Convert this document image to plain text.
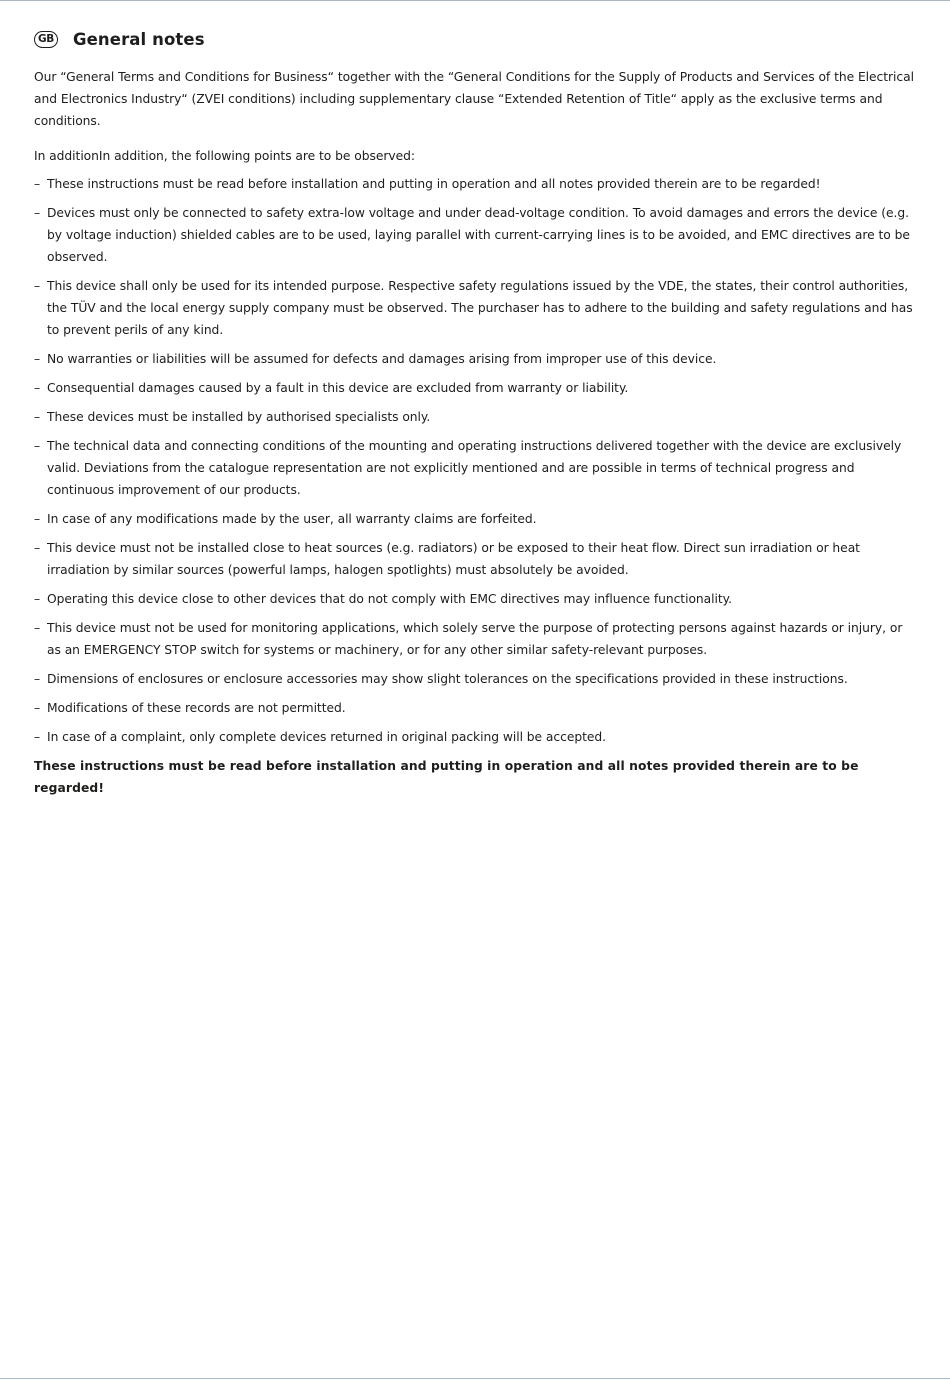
GB General notes

Our “General Terms and Conditions for Business“ together with the “General Conditions for the Supply of Products and Services of the Electrical and Electronics Industry“ (ZVEI conditions) including supplementary clause “Extended Retention of Title“ apply as the exclusive terms and conditions.

In additionIn addition, the following points are to be observed:

– These instructions must be read before installation and putting in operation and all notes provided therein are to be regarded!
– Devices must only be connected to safety extra-low voltage and under dead-voltage condition. To avoid damages and errors the device (e.g. by voltage induction) shielded cables are to be used, laying parallel with current-carrying lines is to be avoided, and EMC directives are to be observed.
– This device shall only be used for its intended purpose. Respective safety regulations issued by the VDE, the states, their control authorities, the TÜV and the local energy supply company must be observed. The purchaser has to adhere to the building and safety regulations and has to prevent perils of any kind.
– No warranties or liabilities will be assumed for defects and damages arising from improper use of this device.
– Consequential damages caused by a fault in this device are excluded from warranty or liability.
– These devices must be installed by authorised specialists only.
– The technical data and connecting conditions of the mounting and operating instructions delivered together with the device are exclusively valid. Deviations from the catalogue representation are not explicitly mentioned and are possible in terms of technical progress and continuous improvement of our products.
– In case of any modifications made by the user, all warranty claims are forfeited.
– This device must not be installed close to heat sources (e.g. radiators) or be exposed to their heat flow. Direct sun irradiation or heat irradiation by similar sources (powerful lamps, halogen spotlights) must absolutely be avoided.
– Operating this device close to other devices that do not comply with EMC directives may influence functionality.
– This device must not be used for monitoring applications, which solely serve the purpose of protecting persons against hazards or injury, or as an EMERGENCY STOP switch for systems or machinery, or for any other similar safety-relevant purposes.
– Dimensions of enclosures or enclosure accessories may show slight tolerances on the specifications provided in these instructions.
– Modifications of these records are not permitted.
– In case of a complaint, only complete devices returned in original packing will be accepted.

These instructions must be read before installation and putting in operation and all notes provided therein are to be regarded!
